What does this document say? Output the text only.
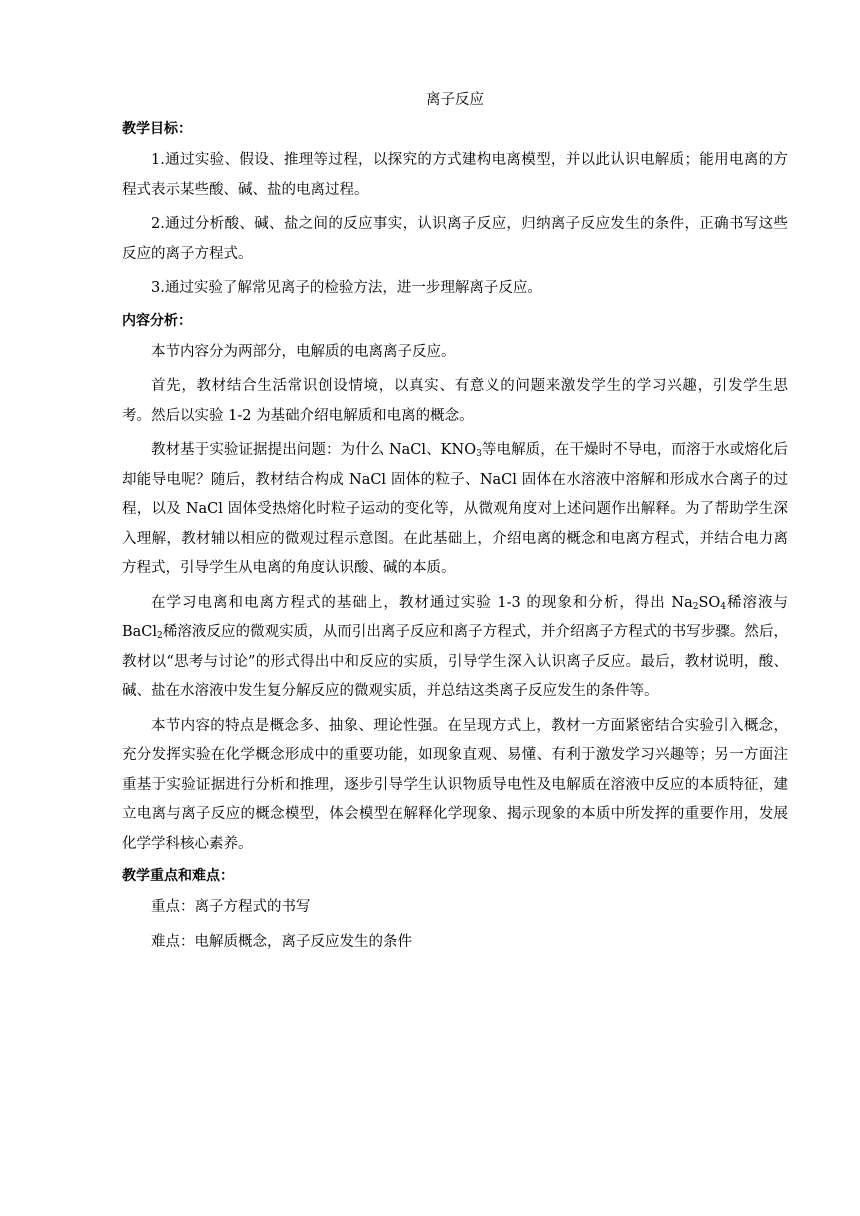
离子反应
教学目标：

1.通过实验、假设、推理等过程，以探究的方式建构电离模型，并以此认识电解质；能用电离的方程式表示某些酸、碱、盐的电离过程。

2.通过分析酸、碱、盐之间的反应事实，认识离子反应，归纳离子反应发生的条件，正确书写这些反应的离子方程式。

3.通过实验了解常见离子的检验方法，进一步理解离子反应。

内容分析：

本节内容分为两部分，电解质的电离离子反应。

首先，教材结合生活常识创设情境，以真实、有意义的问题来激发学生的学习兴趣，引发学生思考。然后以实验 1-2 为基础介绍电解质和电离的概念。

教材基于实验证据提出问题：为什么 NaCl、$KNO_3$等电解质，在干燥时不导电，而溶于水或熔化后却能导电呢？随后，教材结合构成 NaCl 固体的粒子、NaCl 固体在水溶液中溶解和形成水合离子的过程，以及 NaCl 固体受热熔化时粒子运动的变化等，从微观角度对上述问题作出解释。为了帮助学生深入理解，教材辅以相应的微观过程示意图。在此基础上，介绍电离的概念和电离方程式，并结合电力离方程式，引导学生从电离的角度认识酸、碱的本质。

在学习电离和电离方程式的基础上，教材通过实验 1-3 的现象和分析，得出 $Na_2SO_4$稀溶液与 BaCl$_2$稀溶液反应的微观实质，从而引出离子反应和离子方程式，并介绍离子方程式的书写步骤。然后，教材以“思考与讨论”的形式得出中和反应的实质，引导学生深入认识离子反应。最后，教材说明，酸、碱、盐在水溶液中发生复分解反应的微观实质，并总结这类离子反应发生的条件等。

本节内容的特点是概念多、抽象、理论性强。在呈现方式上，教材一方面紧密结合实验引入概念，充分发挥实验在化学概念形成中的重要功能，如现象直观、易懂、有利于激发学习兴趣等；另一方面注重基于实验证据进行分析和推理，逐步引导学生认识物质导电性及电解质在溶液中反应的本质特征，建立电离与离子反应的概念模型，体会模型在解释化学现象、揭示现象的本质中所发挥的重要作用，发展化学学科核心素养。

教学重点和难点：

重点：离子方程式的书写

难点：电解质概念，离子反应发生的条件
